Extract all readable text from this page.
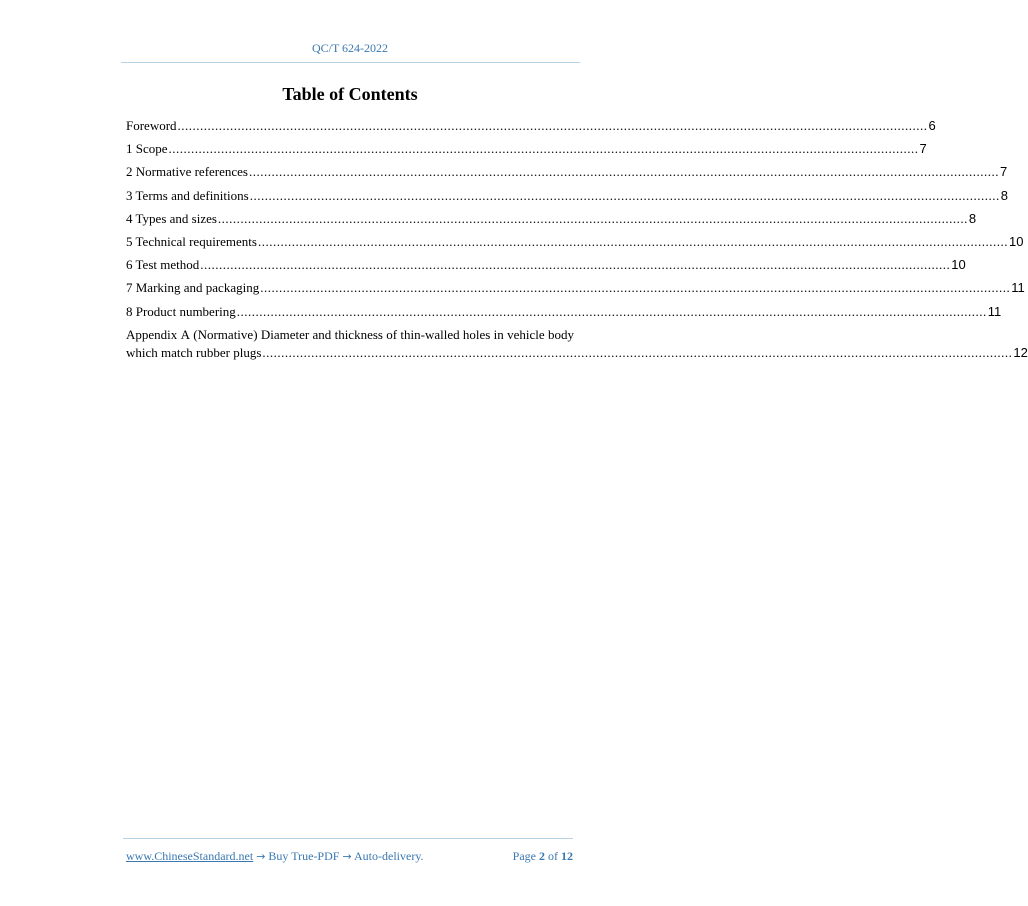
QC/T 624-2022
Table of Contents
Foreword ........................................................................................................................................................................................................ 6
1 Scope ........................................................................................................................................................................................................ 7
2 Normative references ........................................................................................................................................................................................................ 7
3 Terms and definitions ........................................................................................................................................................................................................ 8
4 Types and sizes ........................................................................................................................................................................................................ 8
5 Technical requirements ........................................................................................................................................................................................................ 10
6 Test method ........................................................................................................................................................................................................ 10
7 Marking and packaging ........................................................................................................................................................................................................ 11
8 Product numbering ........................................................................................................................................................................................................ 11
Appendix A (Normative) Diameter and thickness of thin-walled holes in vehicle body
which match rubber plugs ........................................................................................................................................................................................................ 12
www.ChineseStandard.net → Buy True-PDF → Auto-delivery.	Page 2 of 12
